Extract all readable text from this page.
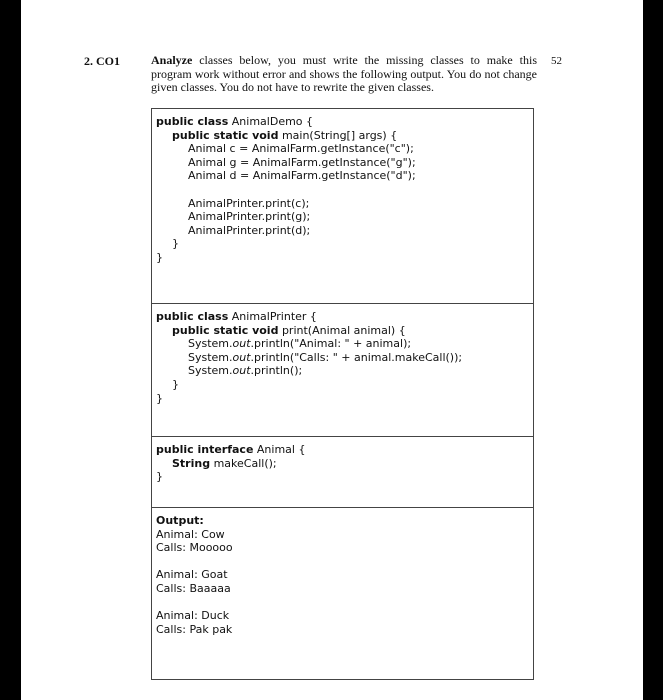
2. CO1	52
Analyze classes below, you must write the missing classes to make this program work without error and shows the following output. You do not change given classes. You do not have to rewrite the given classes.
public class AnimalDemo {
public static void main(String[] args) {
Animal c = AnimalFarm.getInstance("c");
Animal g = AnimalFarm.getInstance("g");
Animal d = AnimalFarm.getInstance("d");
AnimalPrinter.print(c);
AnimalPrinter.print(g);
AnimalPrinter.print(d);
}
}
public class AnimalPrinter {
public static void print(Animal animal) {
System.out.println("Animal: " + animal);
System.out.println("Calls: " + animal.makeCall());
System.out.println();
}
}
public interface Animal {
String makeCall();
}
Output:
Animal: Cow
Calls: Mooooo
Animal: Goat
Calls: Baaaaa
Animal: Duck
Calls: Pak pak
